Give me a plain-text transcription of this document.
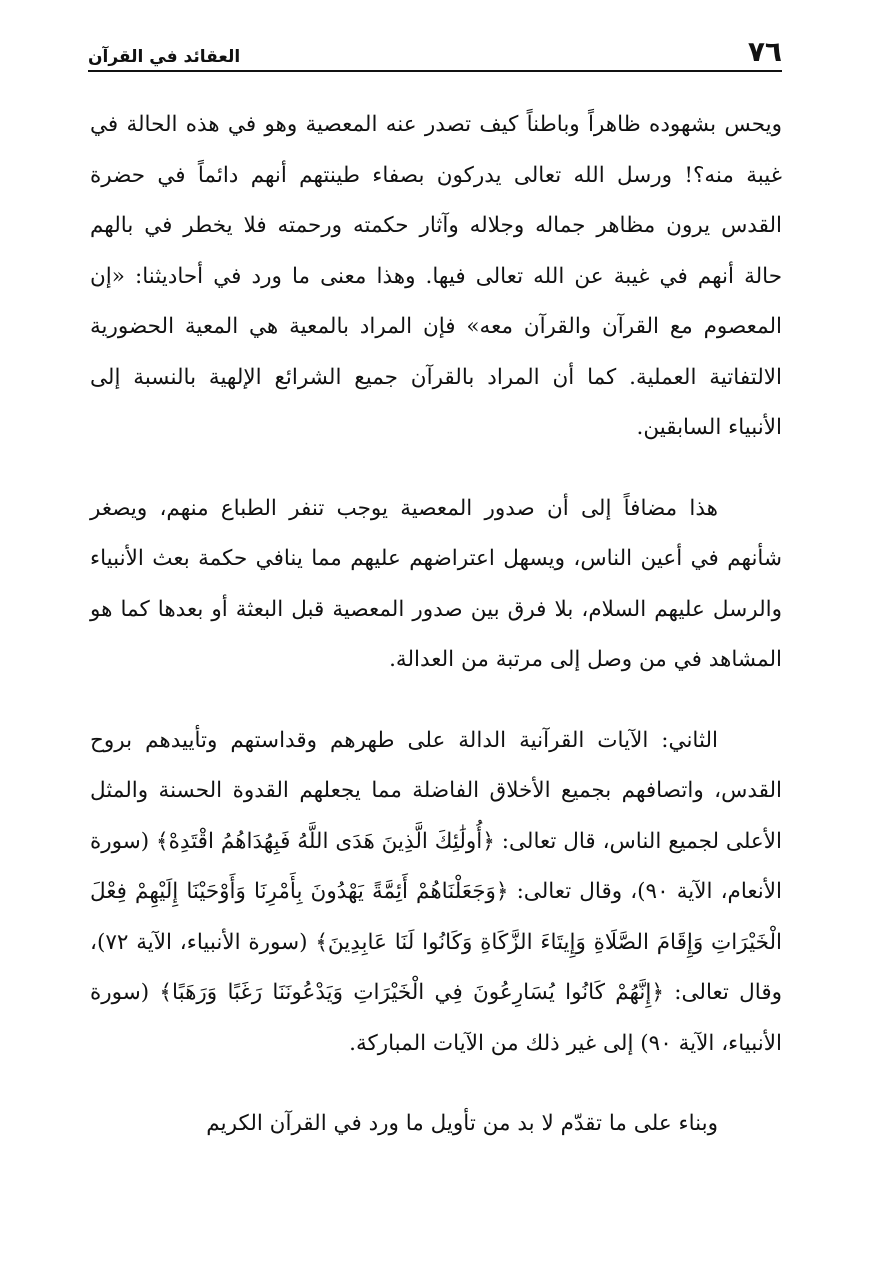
٧٦
العقائد في القرآن

ويحس بشهوده ظاهراً وباطناً كيف تصدر عنه المعصية وهو في هذه الحالة في غيبة منه؟! ورسل الله تعالى يدركون بصفاء طينتهم أنهم دائماً في حضرة القدس يرون مظاهر جماله وجلاله وآثار حكمته ورحمته فلا يخطر في بالهم حالة أنهم في غيبة عن الله تعالى فيها. وهذا معنى ما ورد في أحاديثنا: «إن المعصوم مع القرآن والقرآن معه» فإن المراد بالمعية هي المعية الحضورية الالتفاتية العملية. كما أن المراد بالقرآن جميع الشرائع الإلهية بالنسبة إلى الأنبياء السابقين.

هذا مضافاً إلى أن صدور المعصية يوجب تنفر الطباع منهم، ويصغر شأنهم في أعين الناس، ويسهل اعتراضهم عليهم مما ينافي حكمة بعث الأنبياء والرسل عليهم السلام، بلا فرق بين صدور المعصية قبل البعثة أو بعدها كما هو المشاهد في من وصل إلى مرتبة من العدالة.

الثاني: الآيات القرآنية الدالة على طهرهم وقداستهم وتأييدهم بروح القدس، واتصافهم بجميع الأخلاق الفاضلة مما يجعلهم القدوة الحسنة والمثل الأعلى لجميع الناس، قال تعالى: ﴿أُولَٰئِكَ الَّذِينَ هَدَى اللَّهُ فَبِهُدَاهُمُ اقْتَدِهْ﴾ (سورة الأنعام، الآية ٩٠)، وقال تعالى: ﴿وَجَعَلْنَاهُمْ أَئِمَّةً يَهْدُونَ بِأَمْرِنَا وَأَوْحَيْنَا إِلَيْهِمْ فِعْلَ الْخَيْرَاتِ وَإِقَامَ الصَّلَاةِ وَإِيتَاءَ الزَّكَاةِ وَكَانُوا لَنَا عَابِدِينَ﴾ (سورة الأنبياء، الآية ٧٢)، وقال تعالى: ﴿إِنَّهُمْ كَانُوا يُسَارِعُونَ فِي الْخَيْرَاتِ وَيَدْعُونَنَا رَغَبًا وَرَهَبًا﴾ (سورة الأنبياء، الآية ٩٠) إلى غير ذلك من الآيات المباركة.

وبناء على ما تقدّم لا بد من تأويل ما ورد في القرآن الكريم
